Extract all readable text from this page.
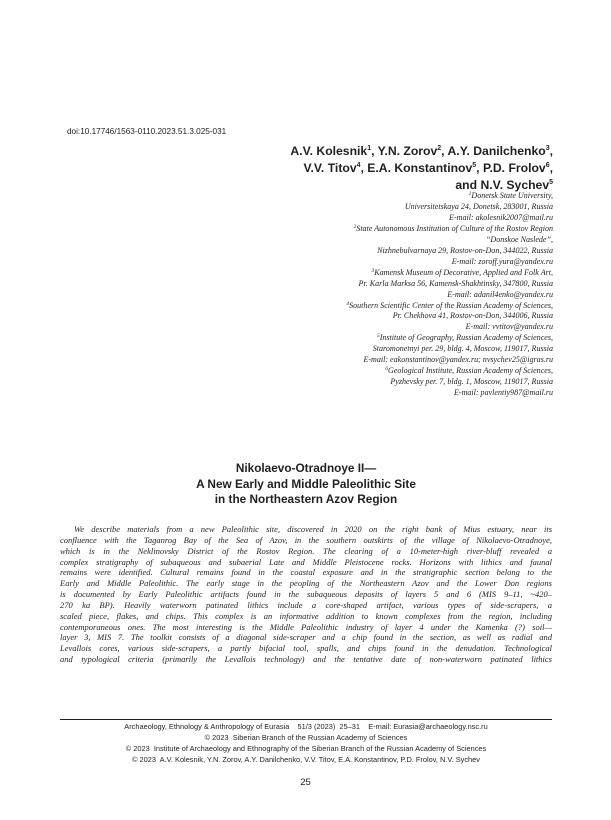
doi:10.17746/1563-0110.2023.51.3.025-031
A.V. Kolesnik$^1$, Y.N. Zorov$^2$, A.Y. Danilchenko$^3$,
V.V. Titov$^4$, E.A. Konstantinov$^5$, P.D. Frolov$^6$,
and N.V. Sychev$^5$
$^1$Donetsk State University,
Universitetskaya 24, Donetsk, 283001, Russia
E-mail: akolesnik2007@mail.ru
$^2$State Autonomous Institution of Culture of the Rostov Region
“Donskoe Naslede”,
Nizhnebulvarnaya 29, Rostov-on-Don, 344022, Russia
E-mail: zoroff.yura@yandex.ru
$^3$Kamensk Museum of Decorative, Applied and Folk Art,
Pr. Karla Marksa 56, Kamensk-Shakhtinsky, 347800, Russia
E-mail: adanil4enko@yandex.ru
$^4$Southern Scientific Center of the Russian Academy of Sciences,
Pr. Chekhova 41, Rostov-on-Don, 344006, Russia
E-mail: vvtitov@yandex.ru
$^5$Institute of Geography, Russian Academy of Sciences,
Staromonetnyi per. 29, bldg. 4, Moscow, 119017, Russia
E-mail: eakonstantinov@yandex.ru; nvsychev25@igras.ru
$^6$Geological Institute, Russian Academy of Sciences,
Pyzhevsky per. 7, bldg. 1, Moscow, 119017, Russia
E-mail: pavlentiy987@mail.ru
Nikolaevo-Otradnoye II—
A New Early and Middle Paleolithic Site
in the Northeastern Azov Region
We describe materials from a new Paleolithic site, discovered in 2020 on the right bank of Mius estuary, near its
confluence with the Taganrog Bay of the Sea of Azov, in the southern outskirts of the village of Nikolaevo-Otradnoye,
which is in the Neklinovsky District of the Rostov Region. The clearing of a 10-meter-high river-bluff revealed a
complex stratigraphy of subaqueous and subaerial Late and Middle Pleistocene rocks. Horizons with lithics and faunal
remains were identified. Cultural remains found in the coastal exposure and in the stratigraphic section belong to the
Early and Middle Paleolithic. The early stage in the peopling of the Northeastern Azov and the Lower Don regions
is documented by Early Paleolithic artifacts found in the subaqueous deposits of layers 5 and 6 (MIS 9–11, ~420–
270 ka BP). Heavily waterworn patinated lithics include a core-shaped artifact, various types of side-scrapers, a
scaled piece, flakes, and chips. This complex is an informative addition to known complexes from the region, including
contemporaneous ones. The most interesting is the Middle Paleolithic industry of layer 4 under the Kamenka (?) soil—
layer 3, MIS 7. The toolkit consists of a diagonal side-scraper and a chip found in the section, as well as radial and
Levallois cores, various side-scrapers, a partly bifacial tool, spalls, and chips found in the denudation. Technological
and typological criteria (primarily the Levallois technology) and the tentative date of non-waterworn patinated lithics
Archaeology, Ethnology & Anthropology of Eurasia    51/3 (2023)  25–31    E-mail: Eurasia@archaeology.nsc.ru
© 2023  Siberian Branch of the Russian Academy of Sciences
© 2023  Institute of Archaeology and Ethnography of the Siberian Branch of the Russian Academy of Sciences
© 2023  A.V. Kolesnik, Y.N. Zorov, A.Y. Danilchenko, V.V. Titov, E.A. Konstantinov, P.D. Frolov, N.V. Sychev
25
